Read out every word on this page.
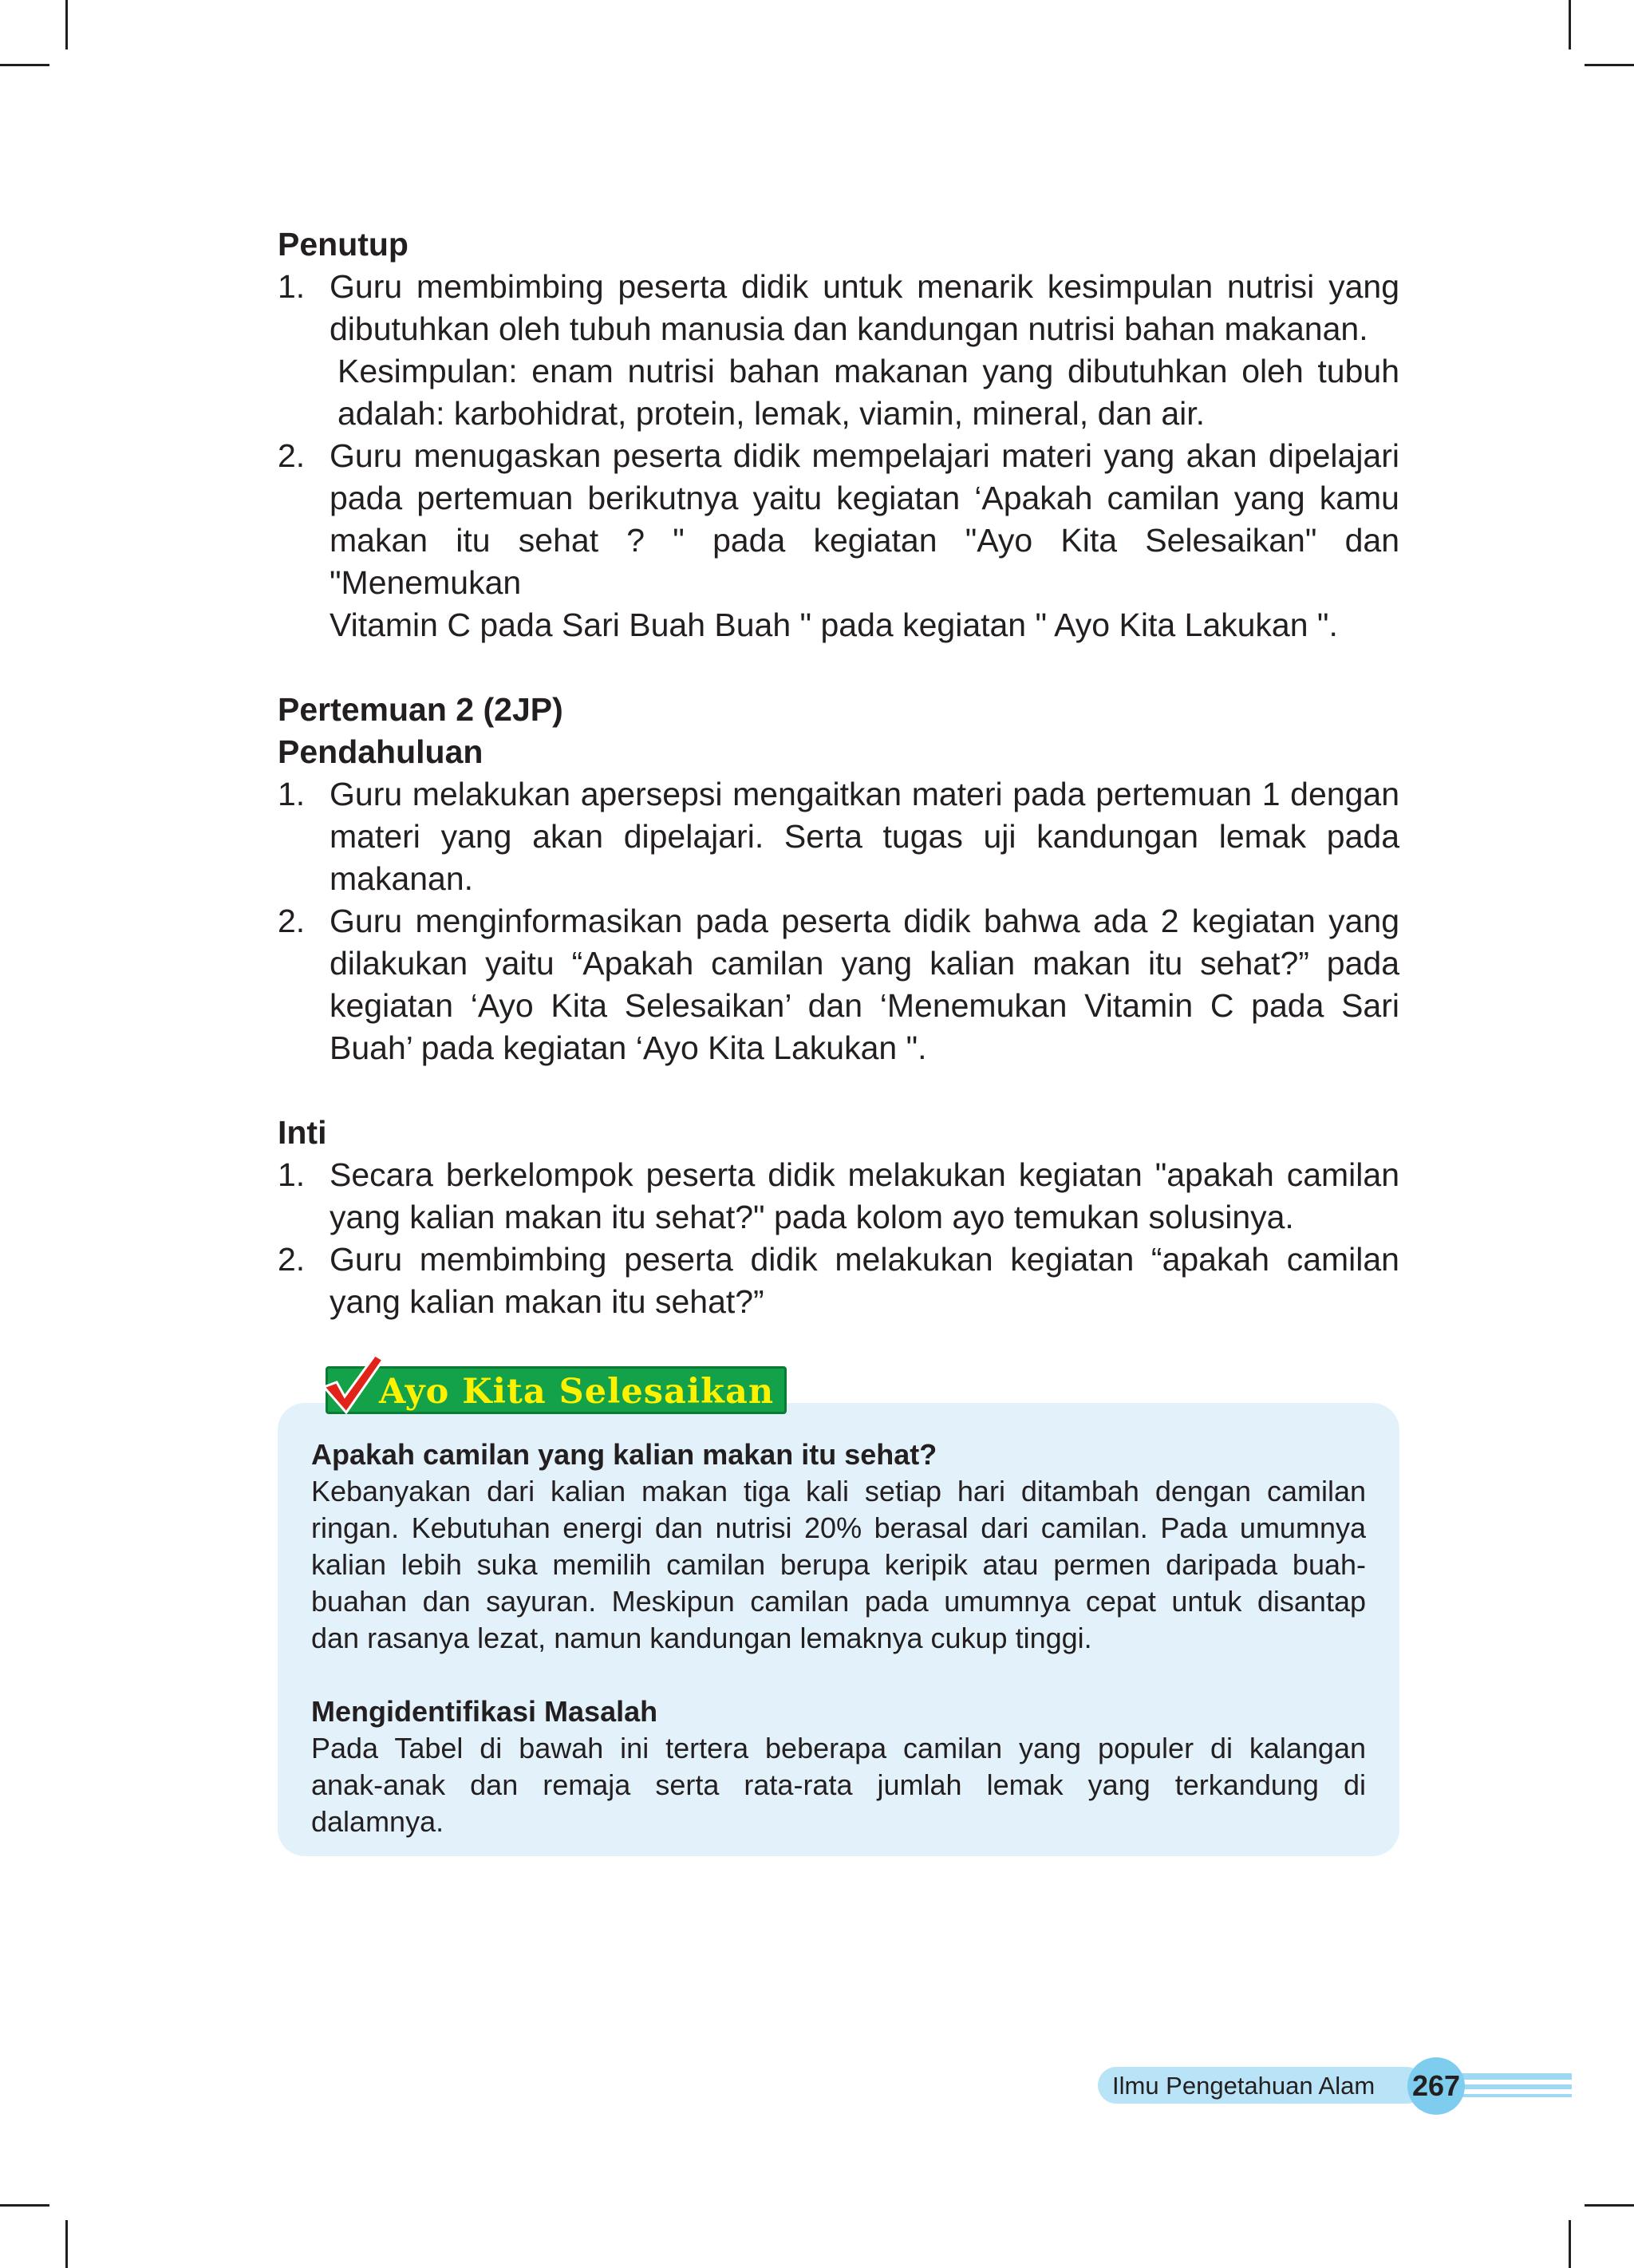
Penutup
1. Guru membimbing peserta didik untuk menarik kesimpulan nutrisi yang
dibutuhkan oleh tubuh manusia dan kandungan nutrisi bahan makanan.
Kesimpulan: enam nutrisi bahan makanan yang dibutuhkan oleh tubuh
adalah: karbohidrat, protein, lemak, viamin, mineral, dan air.
2. Guru menugaskan peserta didik mempelajari materi yang akan dipelajari
pada pertemuan berikutnya yaitu kegiatan ‘Apakah camilan yang kamu
makan itu sehat ? " pada kegiatan "Ayo Kita Selesaikan" dan "Menemukan
Vitamin C pada Sari Buah Buah " pada kegiatan " Ayo Kita Lakukan ".
Pertemuan 2 (2JP)
Pendahuluan
1. Guru melakukan apersepsi mengaitkan materi pada pertemuan 1 dengan
materi yang akan dipelajari. Serta tugas uji kandungan lemak pada
makanan.
2. Guru menginformasikan pada peserta didik bahwa ada 2 kegiatan yang
dilakukan yaitu “Apakah camilan yang kalian makan itu sehat?” pada
kegiatan ‘Ayo Kita Selesaikan’ dan ‘Menemukan Vitamin C pada Sari
Buah’ pada kegiatan ‘Ayo Kita Lakukan ".
Inti
1. Secara berkelompok peserta didik melakukan kegiatan "apakah camilan
yang kalian makan itu sehat?" pada kolom ayo temukan solusinya.
2. Guru membimbing peserta didik melakukan kegiatan “apakah camilan
yang kalian makan itu sehat?”
Apakah camilan yang kalian makan itu sehat?
Kebanyakan dari kalian makan tiga kali setiap hari ditambah dengan camilan
ringan. Kebutuhan energi dan nutrisi 20% berasal dari camilan. Pada umumnya
kalian lebih suka memilih camilan berupa keripik atau permen daripada buah-
buahan dan sayuran. Meskipun camilan pada umumnya cepat untuk disantap
dan rasanya lezat, namun kandungan lemaknya cukup tinggi.
Mengidentifikasi Masalah
Pada Tabel di bawah ini tertera beberapa camilan yang populer di kalangan
anak-anak dan remaja serta rata-rata jumlah lemak yang terkandung di
dalamnya.
Ayo Kita Selesaikan
Ilmu Pengetahuan Alam 267
